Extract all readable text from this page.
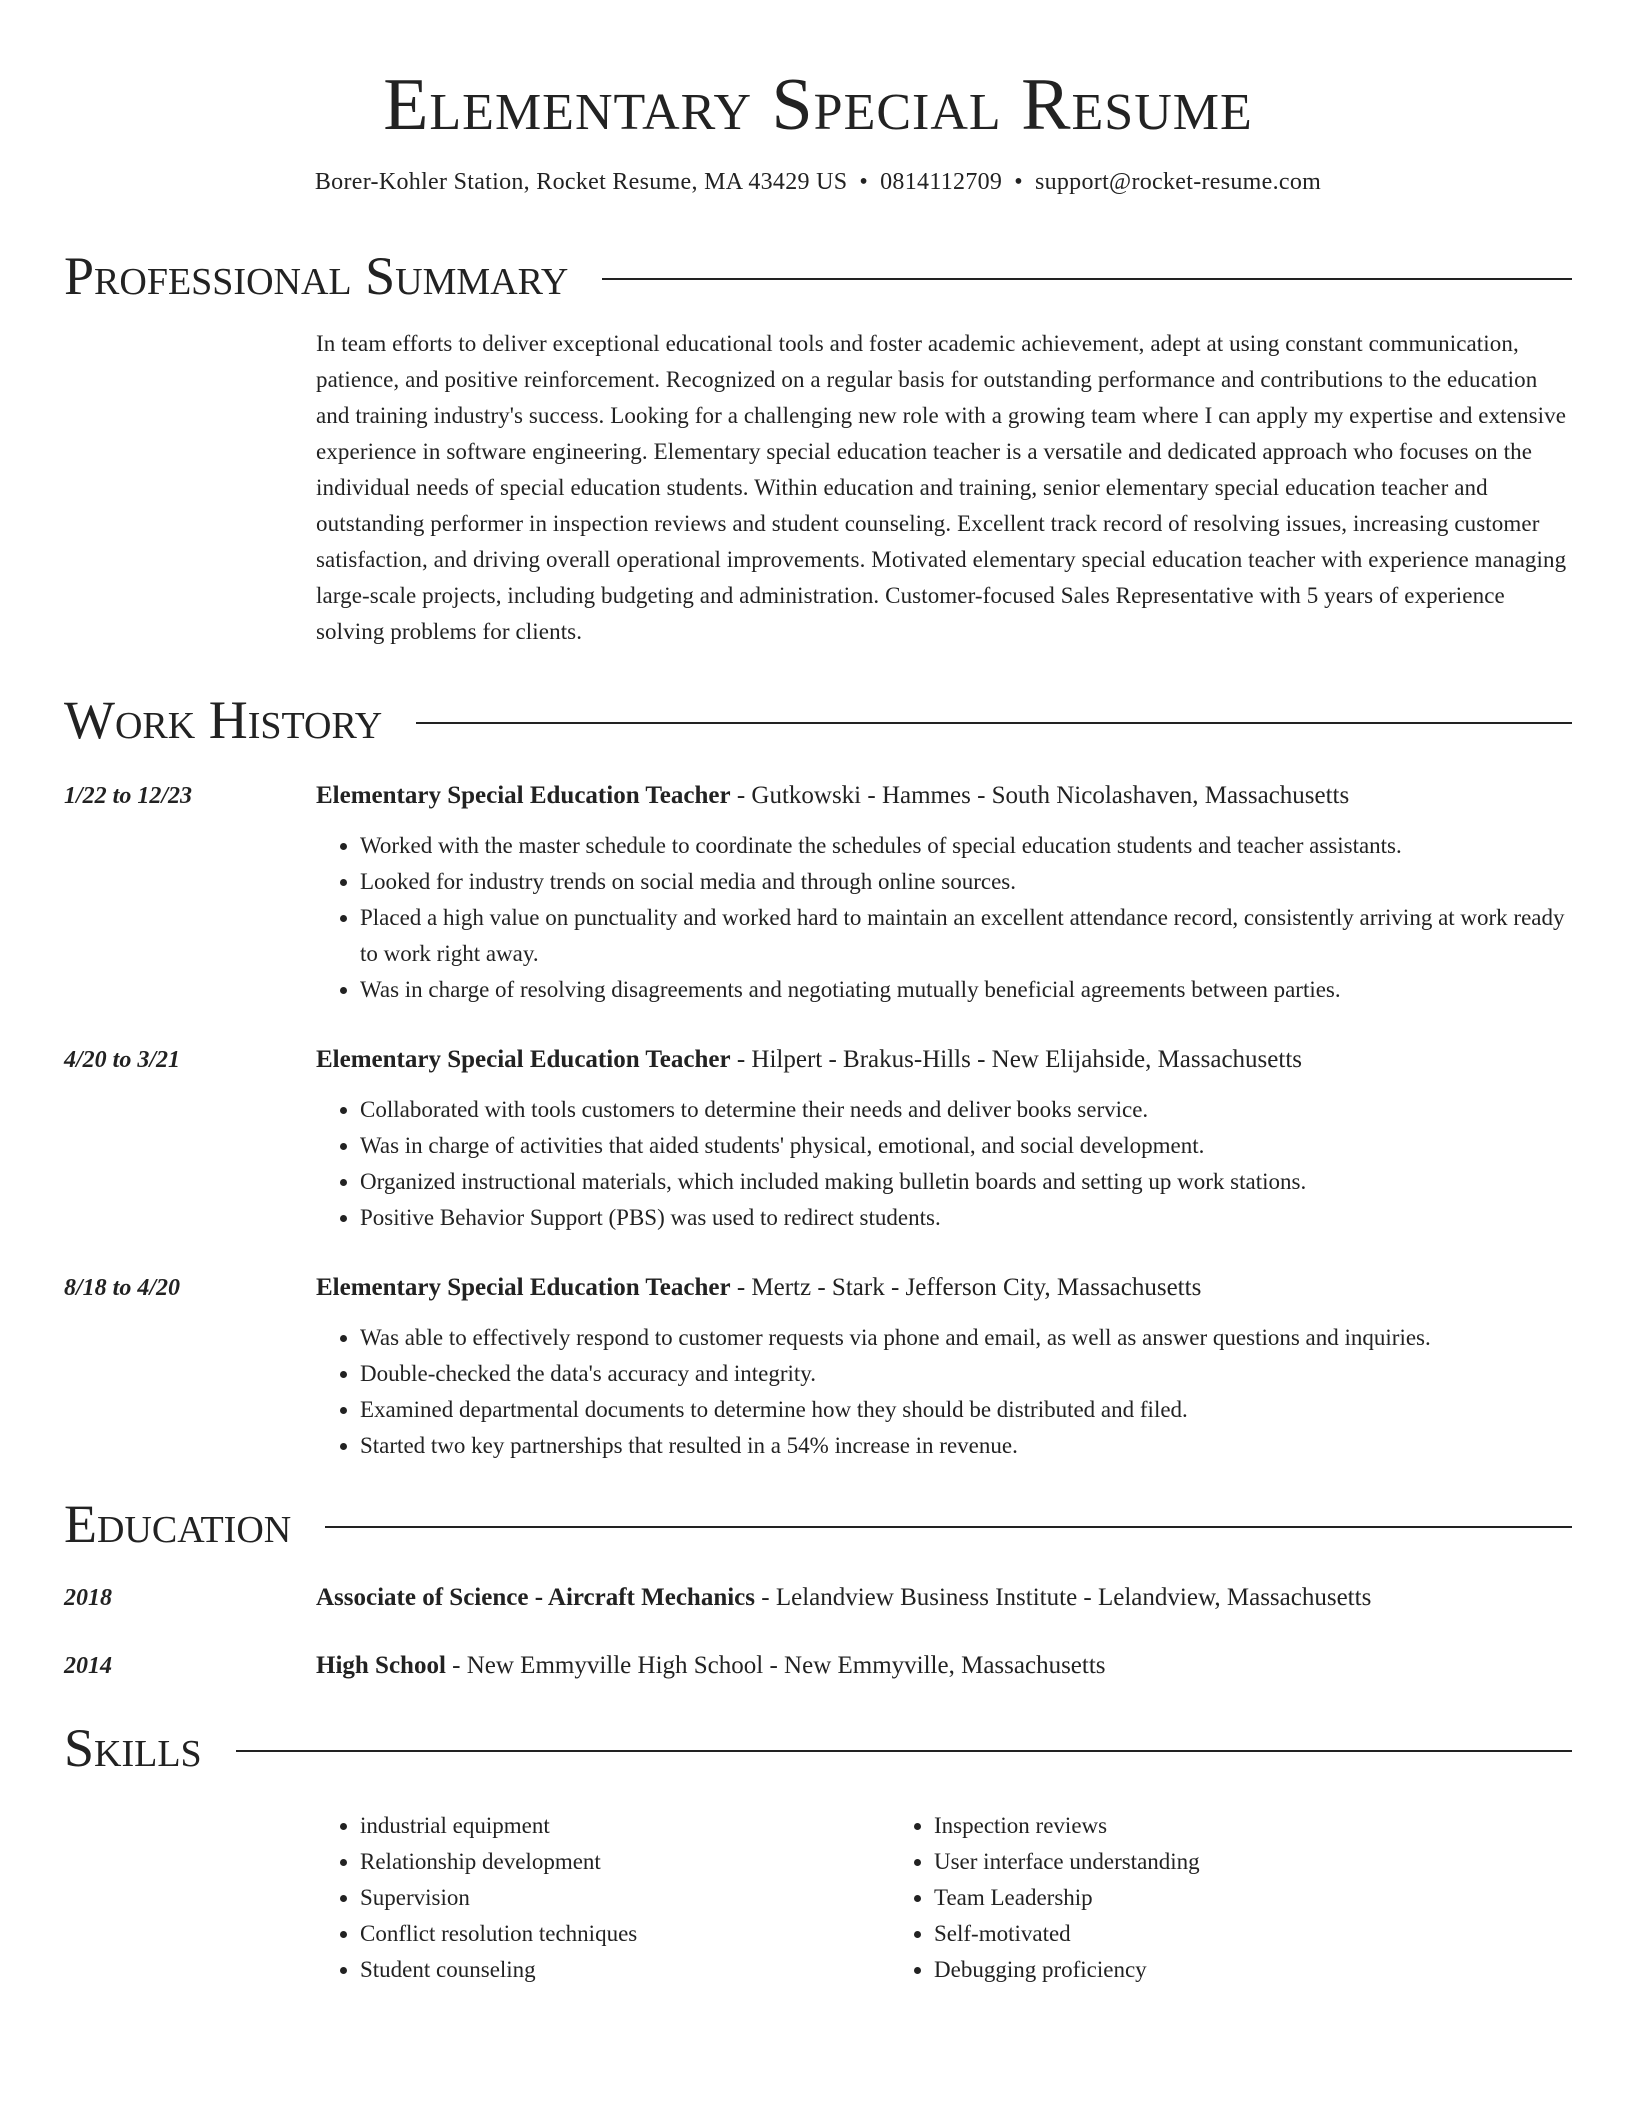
Elementary Special Resume
Borer-Kohler Station, Rocket Resume, MA 43429 US • 0814112709 • support@rocket-resume.com
Professional Summary
In team efforts to deliver exceptional educational tools and foster academic achievement, adept at using constant communication, patience, and positive reinforcement. Recognized on a regular basis for outstanding performance and contributions to the education and training industry's success. Looking for a challenging new role with a growing team where I can apply my expertise and extensive experience in software engineering. Elementary special education teacher is a versatile and dedicated approach who focuses on the individual needs of special education students. Within education and training, senior elementary special education teacher and outstanding performer in inspection reviews and student counseling. Excellent track record of resolving issues, increasing customer satisfaction, and driving overall operational improvements. Motivated elementary special education teacher with experience managing large-scale projects, including budgeting and administration. Customer-focused Sales Representative with 5 years of experience solving problems for clients.
Work History
1/22 to 12/23	Elementary Special Education Teacher - Gutkowski - Hammes - South Nicolashaven, Massachusetts
• Worked with the master schedule to coordinate the schedules of special education students and teacher assistants.
• Looked for industry trends on social media and through online sources.
• Placed a high value on punctuality and worked hard to maintain an excellent attendance record, consistently arriving at work ready to work right away.
• Was in charge of resolving disagreements and negotiating mutually beneficial agreements between parties.
4/20 to 3/21	Elementary Special Education Teacher - Hilpert - Brakus-Hills - New Elijahside, Massachusetts
• Collaborated with tools customers to determine their needs and deliver books service.
• Was in charge of activities that aided students' physical, emotional, and social development.
• Organized instructional materials, which included making bulletin boards and setting up work stations.
• Positive Behavior Support (PBS) was used to redirect students.
8/18 to 4/20	Elementary Special Education Teacher - Mertz - Stark - Jefferson City, Massachusetts
• Was able to effectively respond to customer requests via phone and email, as well as answer questions and inquiries.
• Double-checked the data's accuracy and integrity.
• Examined departmental documents to determine how they should be distributed and filed.
• Started two key partnerships that resulted in a 54% increase in revenue.
Education
2018	Associate of Science - Aircraft Mechanics - Lelandview Business Institute - Lelandview, Massachusetts
2014	High School - New Emmyville High School - New Emmyville, Massachusetts
Skills
• industrial equipment
• Relationship development
• Supervision
• Conflict resolution techniques
• Student counseling
• Inspection reviews
• User interface understanding
• Team Leadership
• Self-motivated
• Debugging proficiency
